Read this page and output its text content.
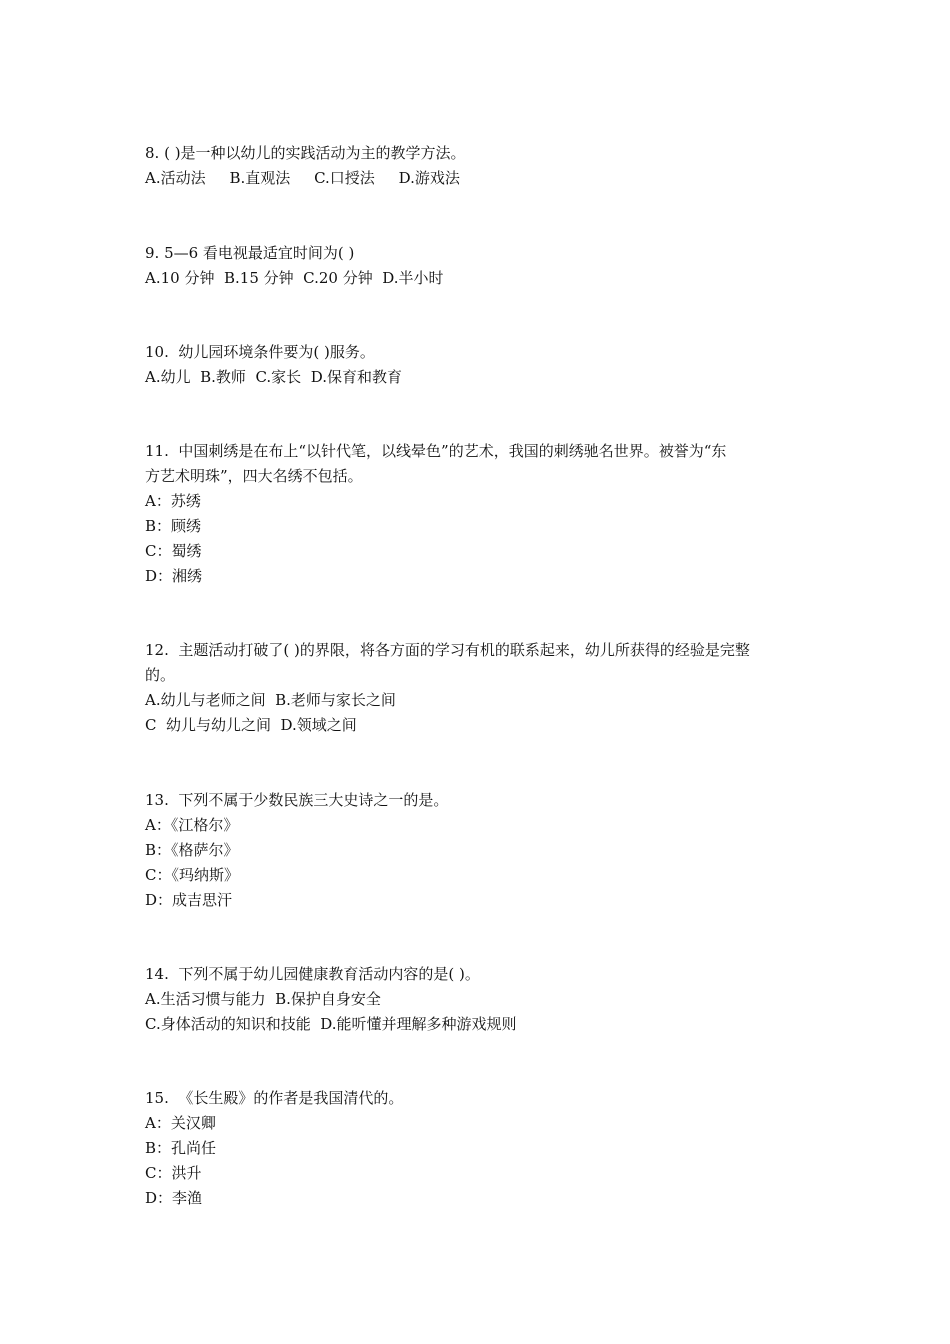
8. ( )是一种以幼儿的实践活动为主的教学方法。
A.活动法     B.直观法     C.口授法     D.游戏法
9. 5—6 看电视最适宜时间为( )
A.10 分钟  B.15 分钟  C.20 分钟  D.半小时
10.  幼儿园环境条件要为( )服务。
A.幼儿  B.教师  C.家长  D.保育和教育
11.  中国刺绣是在布上“以针代笔，以线晕色”的艺术，我国的刺绣驰名世界。被誉为“东
方艺术明珠”，四大名绣不包括。
A：苏绣
B：顾绣
C：蜀绣
D：湘绣
12.  主题活动打破了( )的界限，将各方面的学习有机的联系起来，幼儿所获得的经验是完整
的。
A.幼儿与老师之间  B.老师与家长之间
C  幼儿与幼儿之间  D.领域之间
13.  下列不属于少数民族三大史诗之一的是。
A：《江格尔》
B：《格萨尔》
C：《玛纳斯》
D：成吉思汗
14.  下列不属于幼儿园健康教育活动内容的是( )。
A.生活习惯与能力  B.保护自身安全
C.身体活动的知识和技能  D.能听懂并理解多种游戏规则
15.  《长生殿》的作者是我国清代的。
A：关汉卿
B：孔尚任
C：洪升
D：李渔
